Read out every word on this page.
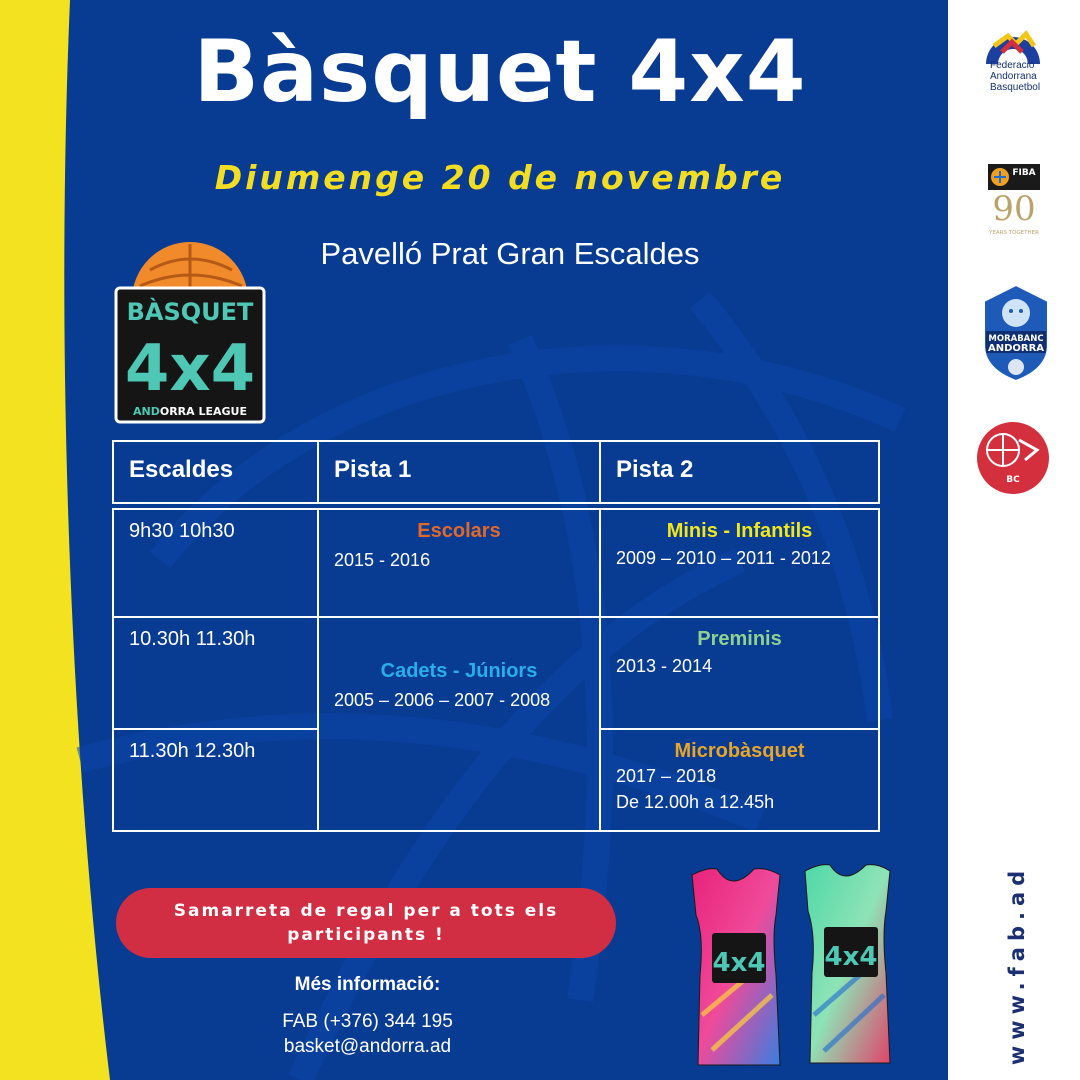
Bàsquet 4x4
Diumenge 20 de novembre
Pavelló Prat Gran Escaldes
BÀSQUET
4x4
ANDORRA LEAGUE
Escaldes	Pista 1	Pista 2
9h30 10h30
10.30h 11.30h
11.30h 12.30h
Escolars
2015 - 2016
Cadets - Júniors
2005 – 2006 – 2007 - 2008
Minis - Infantils
2009 – 2010 – 2011 - 2012
Preminis
2013 - 2014
Microbàsquet
2017 – 2018
De 12.00h a 12.45h
Samarreta de regal per a tots els participants !
Més informació:
FAB (+376) 344 195
basket@andorra.ad
4x4 4x4
Federació
Andorrana
Basquetbol
FIBA
90
YEARS TOGETHER
MORABANC
ANDORRA
BC
www.fab.ad
